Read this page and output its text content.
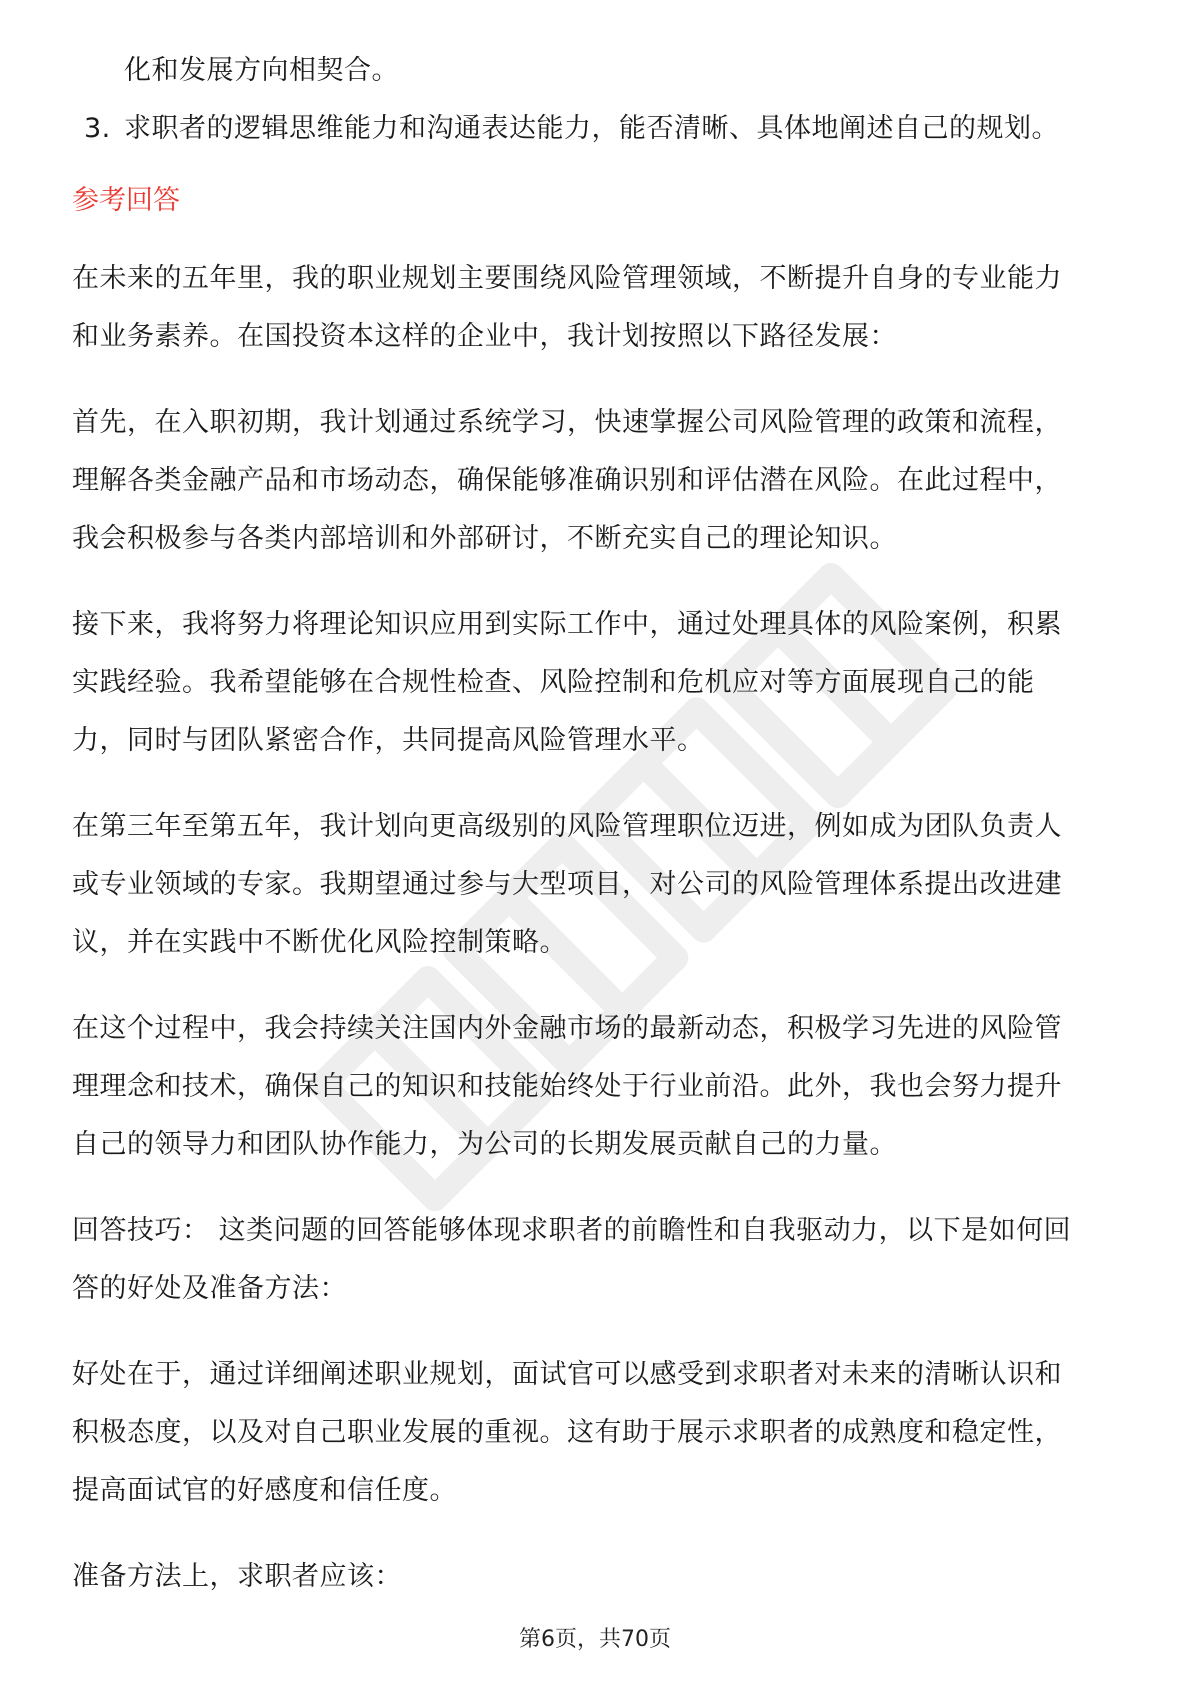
化和发展方向相契合。
3. 求职者的逻辑思维能力和沟通表达能力，能否清晰、具体地阐述自己的规划。
参考回答
在未来的五年里，我的职业规划主要围绕风险管理领域，不断提升自身的专业能力
和业务素养。在国投资本这样的企业中，我计划按照以下路径发展：
首先，在入职初期，我计划通过系统学习，快速掌握公司风险管理的政策和流程，
理解各类金融产品和市场动态，确保能够准确识别和评估潜在风险。在此过程中，
我会积极参与各类内部培训和外部研讨，不断充实自己的理论知识。
接下来，我将努力将理论知识应用到实际工作中，通过处理具体的风险案例，积累
实践经验。我希望能够在合规性检查、风险控制和危机应对等方面展现自己的能
力，同时与团队紧密合作，共同提高风险管理水平。
在第三年至第五年，我计划向更高级别的风险管理职位迈进，例如成为团队负责人
或专业领域的专家。我期望通过参与大型项目，对公司的风险管理体系提出改进建
议，并在实践中不断优化风险控制策略。
在这个过程中，我会持续关注国内外金融市场的最新动态，积极学习先进的风险管
理理念和技术，确保自己的知识和技能始终处于行业前沿。此外，我也会努力提升
自己的领导力和团队协作能力，为公司的长期发展贡献自己的力量。
回答技巧： 这类问题的回答能够体现求职者的前瞻性和自我驱动力，以下是如何回
答的好处及准备方法：
好处在于，通过详细阐述职业规划，面试官可以感受到求职者对未来的清晰认识和
积极态度，以及对自己职业发展的重视。这有助于展示求职者的成熟度和稳定性，
提高面试官的好感度和信任度。
准备方法上，求职者应该：
第6页，共70页
